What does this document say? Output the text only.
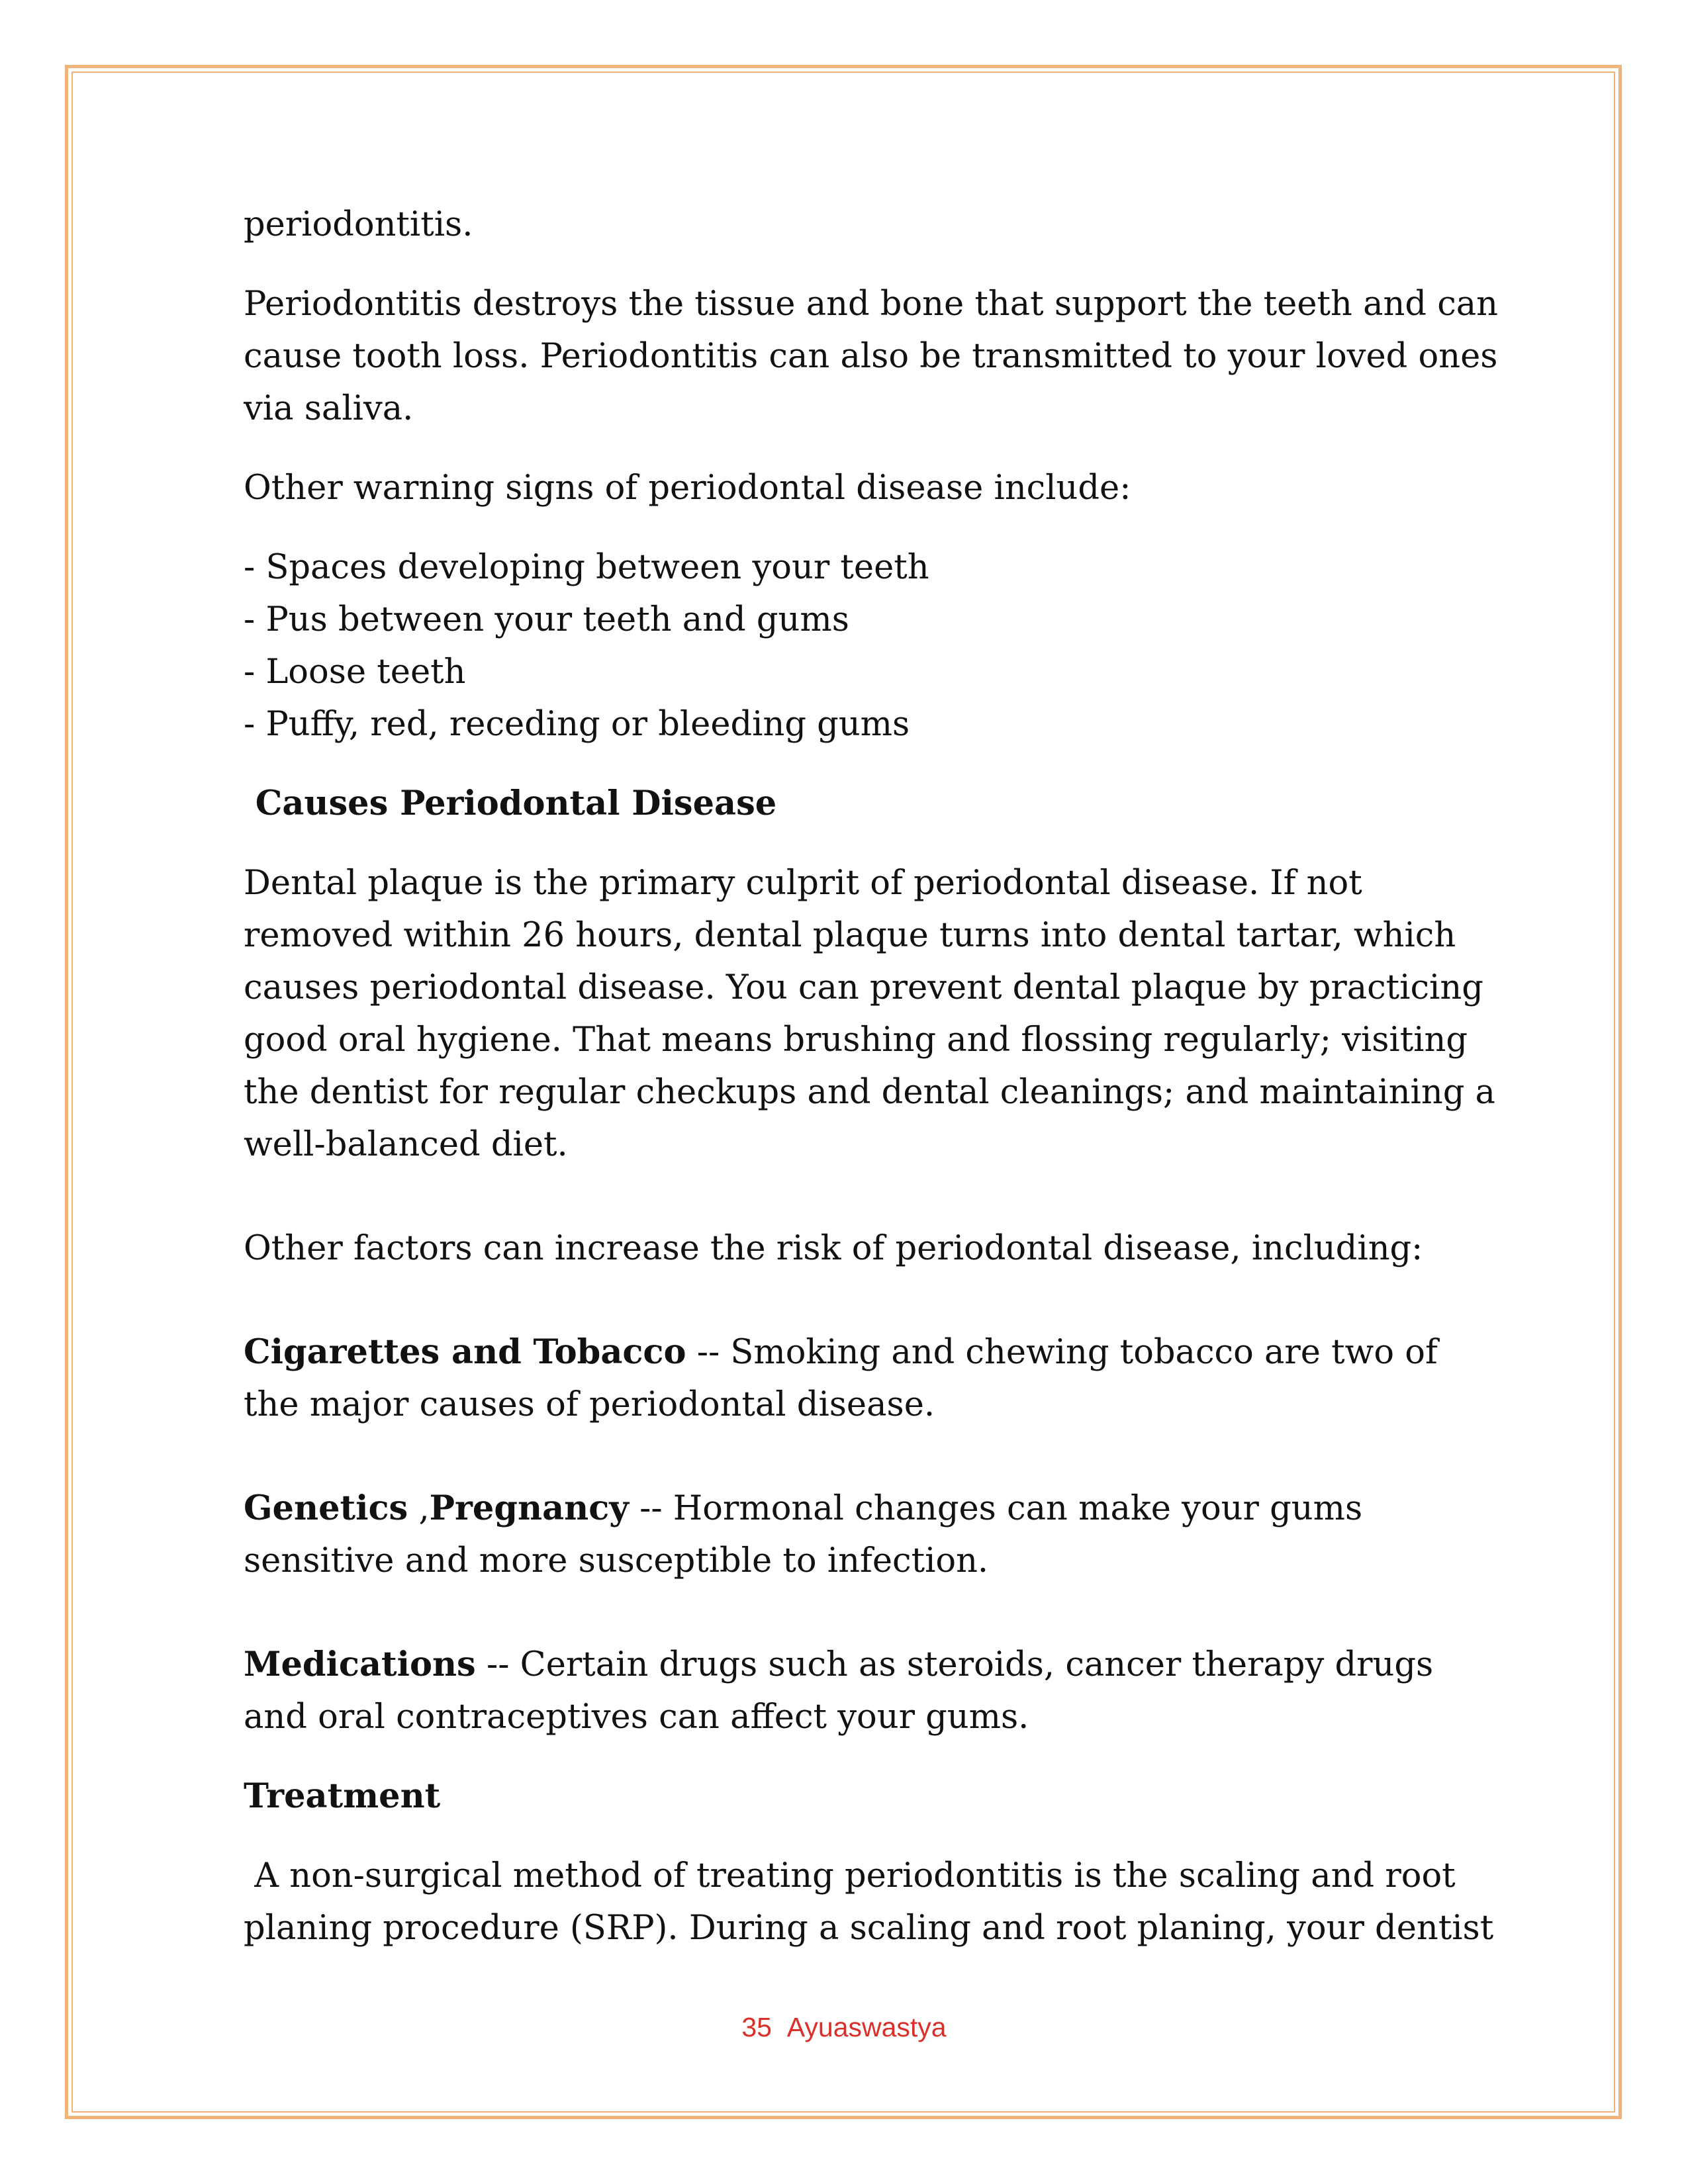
periodontitis.

Periodontitis destroys the tissue and bone that support the teeth and can cause tooth loss. Periodontitis can also be transmitted to your loved ones via saliva.

Other warning signs of periodontal disease include:

- Spaces developing between your teeth

- Pus between your teeth and gums

- Loose teeth

- Puffy, red, receding or bleeding gums

Causes Periodontal Disease

Dental plaque is the primary culprit of periodontal disease. If not removed within 26 hours, dental plaque turns into dental tartar, which causes periodontal disease. You can prevent dental plaque by practicing good oral hygiene. That means brushing and flossing regularly; visiting the dentist for regular checkups and dental cleanings; and maintaining a well-balanced diet.

Other factors can increase the risk of periodontal disease, including:

Cigarettes and Tobacco -- Smoking and chewing tobacco are two of the major causes of periodontal disease.

Genetics ,Pregnancy -- Hormonal changes can make your gums sensitive and more susceptible to infection.

Medications -- Certain drugs such as steroids, cancer therapy drugs and oral contraceptives can affect your gums.

Treatment

A non-surgical method of treating periodontitis is the scaling and root planing procedure (SRP). During a scaling and root planing, your dentist

35 Ayuaswastya
